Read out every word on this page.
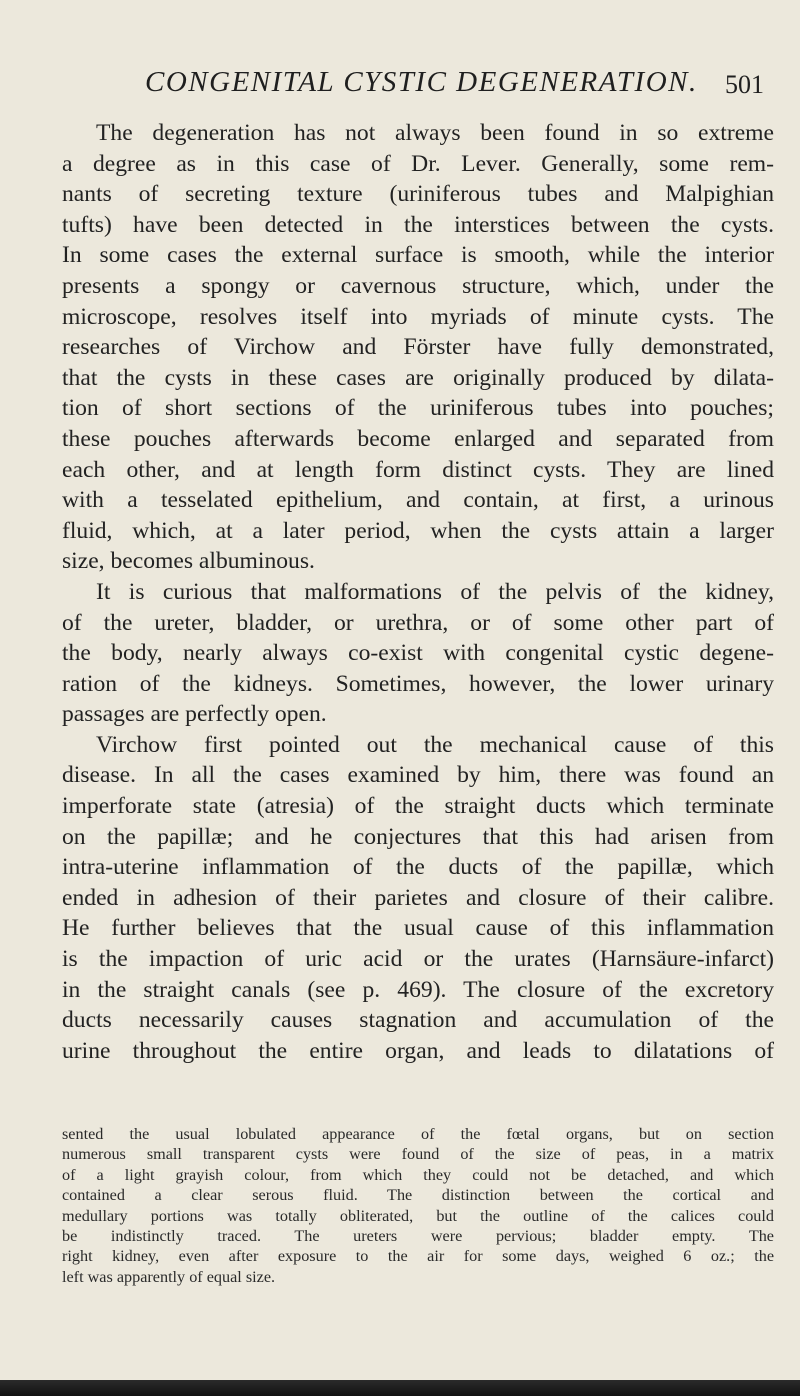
CONGENITAL CYSTIC DEGENERATION. 501
The degeneration has not always been found in so extreme
a degree as in this case of Dr. Lever. Generally, some rem-
nants of secreting texture (uriniferous tubes and Malpighian
tufts) have been detected in the interstices between the cysts.
In some cases the external surface is smooth, while the interior
presents a spongy or cavernous structure, which, under the
microscope, resolves itself into myriads of minute cysts. The
researches of Virchow and Förster have fully demonstrated,
that the cysts in these cases are originally produced by dilata-
tion of short sections of the uriniferous tubes into pouches;
these pouches afterwards become enlarged and separated from
each other, and at length form distinct cysts. They are lined
with a tesselated epithelium, and contain, at first, a urinous
fluid, which, at a later period, when the cysts attain a larger
size, becomes albuminous.
It is curious that malformations of the pelvis of the kidney,
of the ureter, bladder, or urethra, or of some other part of
the body, nearly always co-exist with congenital cystic degene-
ration of the kidneys. Sometimes, however, the lower urinary
passages are perfectly open.
Virchow first pointed out the mechanical cause of this
disease. In all the cases examined by him, there was found an
imperforate state (atresia) of the straight ducts which terminate
on the papillæ; and he conjectures that this had arisen from
intra-uterine inflammation of the ducts of the papillæ, which
ended in adhesion of their parietes and closure of their calibre.
He further believes that the usual cause of this inflammation
is the impaction of uric acid or the urates (Harnsäure-infarct)
in the straight canals (see p. 469). The closure of the excretory
ducts necessarily causes stagnation and accumulation of the
urine throughout the entire organ, and leads to dilatations of
sented the usual lobulated appearance of the fœtal organs, but on section
numerous small transparent cysts were found of the size of peas, in a matrix
of a light grayish colour, from which they could not be detached, and which
contained a clear serous fluid. The distinction between the cortical and
medullary portions was totally obliterated, but the outline of the calices could
be indistinctly traced. The ureters were pervious; bladder empty. The
right kidney, even after exposure to the air for some days, weighed 6 oz.; the
left was apparently of equal size.
